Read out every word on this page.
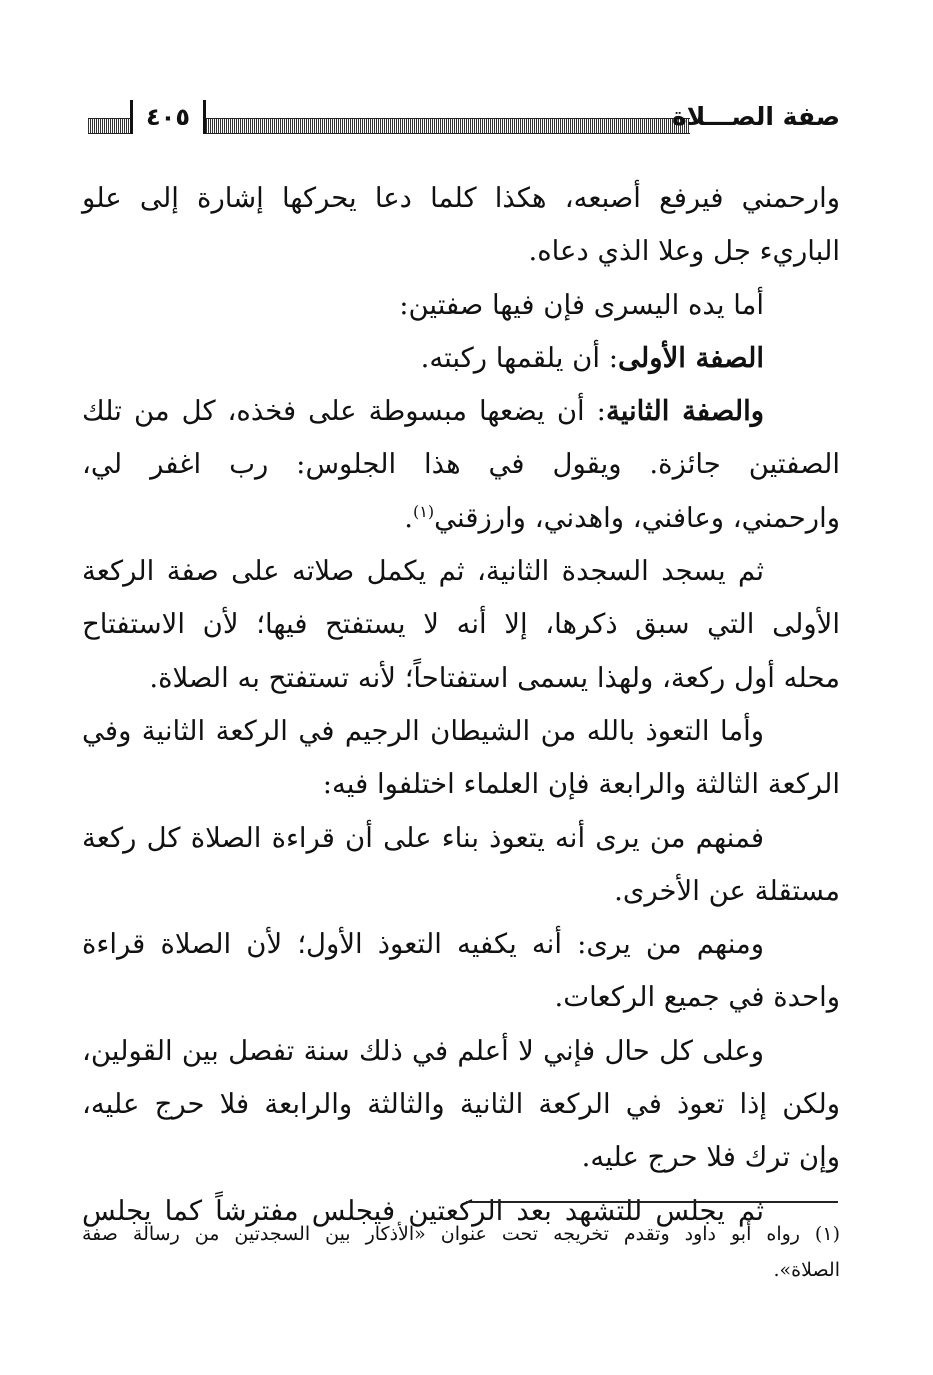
٤٠٥	صفة الصـــلاة

وارحمني فيرفع أصبعه، هكذا كلما دعا يحركها إشارة إلى علو

الباريء جل وعلا الذي دعاه.

أما يده اليسرى فإن فيها صفتين:

الصفة الأولى: أن يلقمها ركبته.

والصفة الثانية: أن يضعها مبسوطة على فخذه، كل من تلك

الصفتين جائزة. ويقول في هذا الجلوس: رب اغفر لي،

وارحمني، وعافني، واهدني، وارزقني$^{(١)}$.

ثم يسجد السجدة الثانية، ثم يكمل صلاته على صفة الركعة

الأولى التي سبق ذكرها، إلا أنه لا يستفتح فيها؛ لأن الاستفتاح

محله أول ركعة، ولهذا يسمى استفتاحاً؛ لأنه تستفتح به الصلاة.

وأما التعوذ بالله من الشيطان الرجيم في الركعة الثانية وفي

الركعة الثالثة والرابعة فإن العلماء اختلفوا فيه:

فمنهم من يرى أنه يتعوذ بناء على أن قراءة الصلاة كل ركعة

مستقلة عن الأخرى.

ومنهم من يرى: أنه يكفيه التعوذ الأول؛ لأن الصلاة قراءة

واحدة في جميع الركعات.

وعلى كل حال فإني لا أعلم في ذلك سنة تفصل بين القولين،

ولكن إذا تعوذ في الركعة الثانية والثالثة والرابعة فلا حرج عليه،

وإن ترك فلا حرج عليه.

ثم يجلس للتشهد بعد الركعتين فيجلس مفترشاً كما يجلس

(١) رواه أبو داود وتقدم تخريجه تحت عنوان «الأذكار بين السجدتين من رسالة صفة

الصلاة».
